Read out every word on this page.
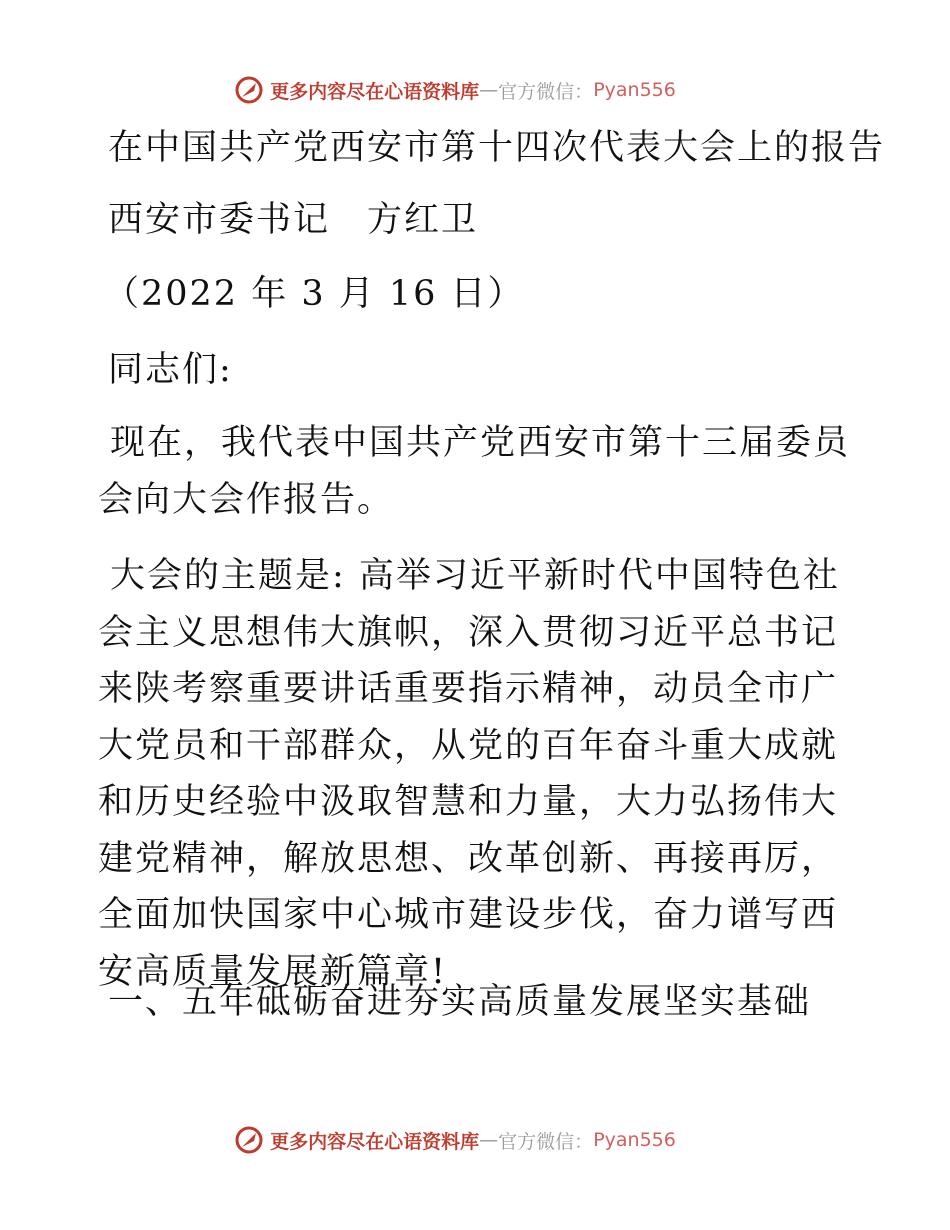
更多内容尽在心语资料库 — 官方微信： Pyan556
在中国共产党西安市第十四次代表大会上的报告
西安市委书记　方红卫
（2022 年 3 月 16 日）
同志们:
现在，我代表中国共产党西安市第十三届委员会向大会作报告。
大会的主题是: 高举习近平新时代中国特色社会主义思想伟大旗帜，深入贯彻习近平总书记来陕考察重要讲话重要指示精神，动员全市广大党员和干部群众，从党的百年奋斗重大成就和历史经验中汲取智慧和力量，大力弘扬伟大建党精神，解放思想、改革创新、再接再厉，全面加快国家中心城市建设步伐，奋力谱写西安高质量发展新篇章!
一、五年砥砺奋进夯实高质量发展坚实基础
更多内容尽在心语资料库 — 官方微信： Pyan556
